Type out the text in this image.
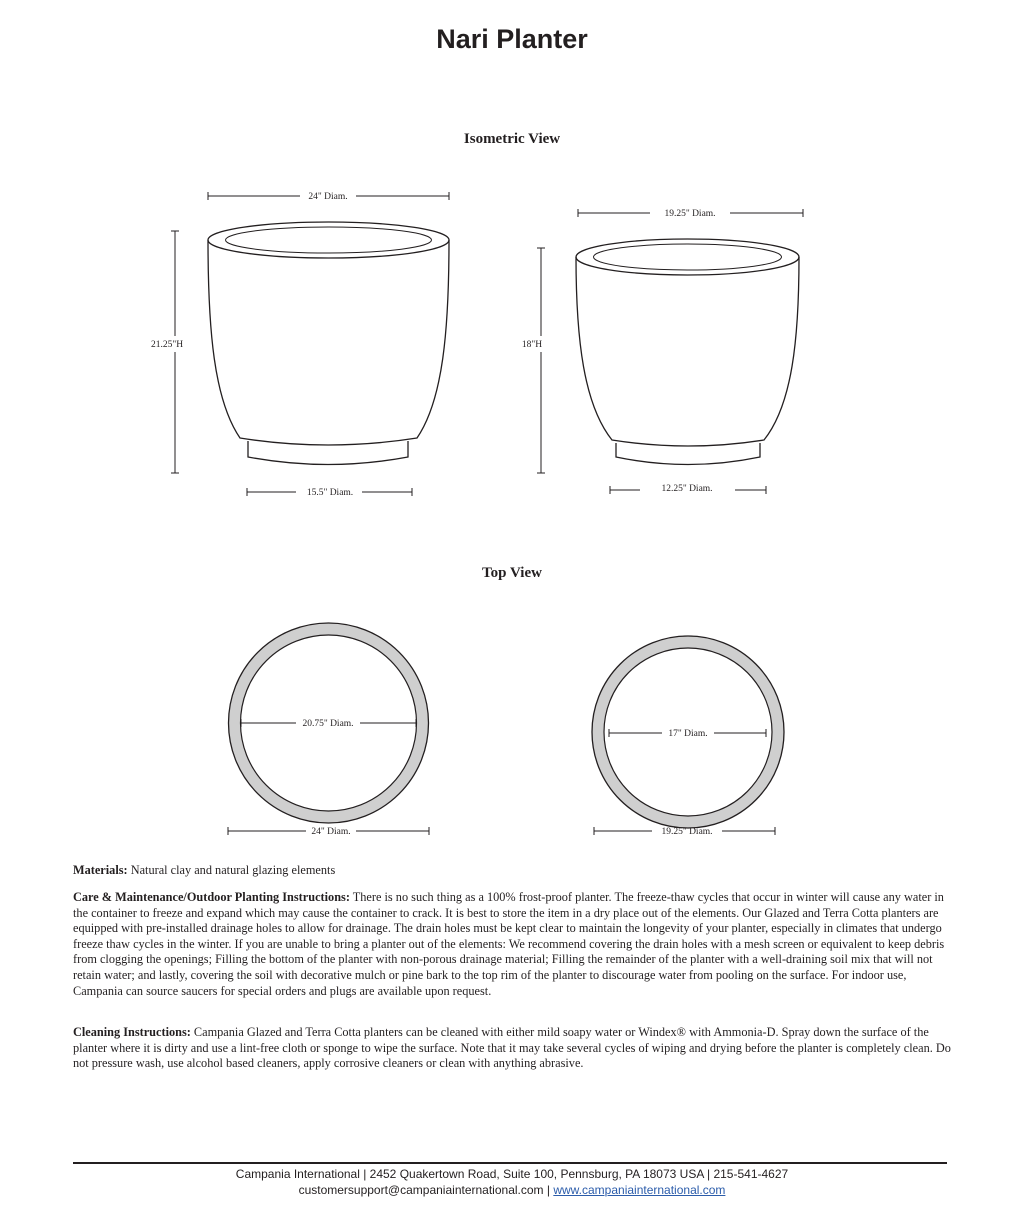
Nari Planter
Isometric View
Top View
24" Diam.
21.25"H
15.5" Diam.
19.25" Diam.
18"H
12.25" Diam.
20.75" Diam.
24" Diam.
17" Diam.
19.25" Diam.
Materials: Natural clay and natural glazing elements
Care & Maintenance/Outdoor Planting Instructions: There is no such thing as a 100% frost-proof planter. The freeze-thaw cycles that occur in winter will cause any water in the container to freeze and expand which may cause the container to crack. It is best to store the item in a dry place out of the elements. Our Glazed and Terra Cotta planters are equipped with pre-installed drainage holes to allow for drainage. The drain holes must be kept clear to maintain the longevity of your planter, especially in climates that undergo freeze thaw cycles in the winter. If you are unable to bring a planter out of the elements: We recommend covering the drain holes with a mesh screen or equivalent to keep debris from clogging the openings; Filling the bottom of the planter with non-porous drainage material; Filling the remainder of the planter with a well-draining soil mix that will not retain water; and lastly, covering the soil with decorative mulch or pine bark to the top rim of the planter to discourage water from pooling on the surface. For indoor use, Campania can source saucers for special orders and plugs are available upon request.
Cleaning Instructions: Campania Glazed and Terra Cotta planters can be cleaned with either mild soapy water or Windex® with Ammonia-D. Spray down the surface of the planter where it is dirty and use a lint-free cloth or sponge to wipe the surface. Note that it may take several cycles of wiping and drying before the planter is completely clean. Do not pressure wash, use alcohol based cleaners, apply corrosive cleaners or clean with anything abrasive.
Campania International | 2452 Quakertown Road, Suite 100, Pennsburg, PA 18073 USA | 215-541-4627
customersupport@campaniainternational.com | www.campaniainternational.com
